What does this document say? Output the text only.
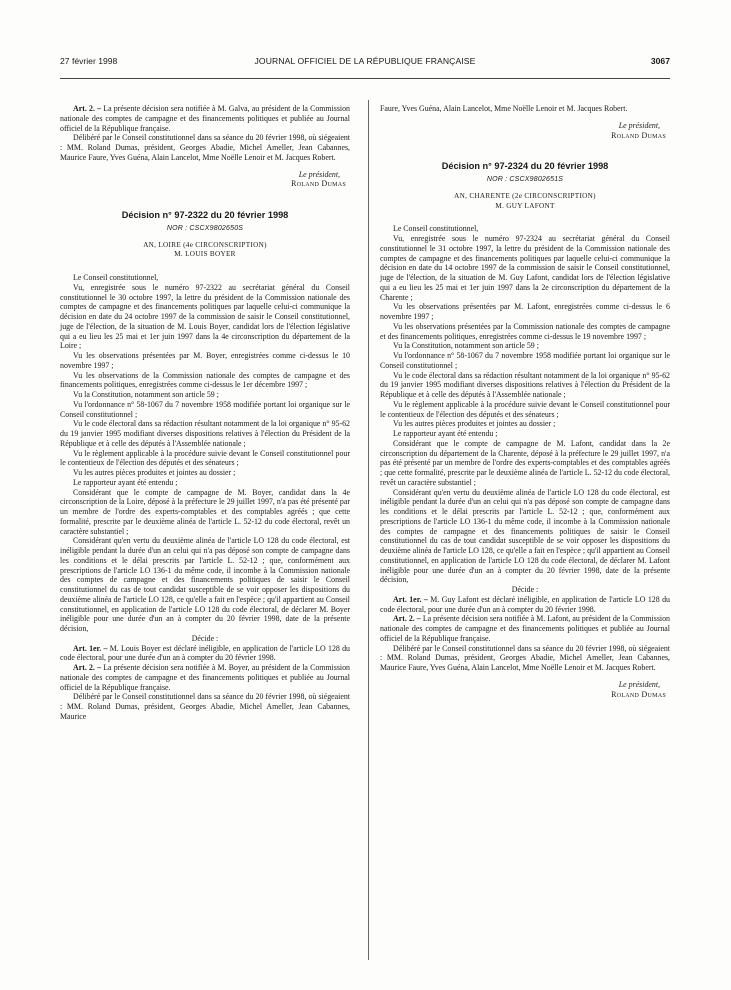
27 février 1998	JOURNAL OFFICIEL DE LA RÉPUBLIQUE FRANÇAISE	3067

Art. 2. – La présente décision sera notifiée à M. Galva, au président de la Commission nationale des comptes de campagne et des financements politiques et publiée au Journal officiel de la République française.

Délibéré par le Conseil constitutionnel dans sa séance du 20 février 1998, où siégeaient : MM. Roland Dumas, président, Georges Abadie, Michel Ameller, Jean Cabannes, Maurice Faure, Yves Guéna, Alain Lancelot, Mme Noëlle Lenoir et M. Jacques Robert.

Le président,
Roland Dumas
Décision n° 97-2322 du 20 février 1998
NOR : CSCX9802650S
AN, LOIRE (4e CIRCONSCRIPTION)
M. LOUIS BOYER

Le Conseil constitutionnel,

Vu, enregistrée sous le numéro 97-2322 au secrétariat général du Conseil constitutionnel le 30 octobre 1997, la lettre du président de la Commission nationale des comptes de campagne et des financements politiques par laquelle celui-ci communique la décision en date du 24 octobre 1997 de la commission de saisir le Conseil constitutionnel, juge de l'élection, de la situation de M. Louis Boyer, candidat lors de l'élection législative qui a eu lieu les 25 mai et 1er juin 1997 dans la 4e circonscription du département de la Loire ;

Vu les observations présentées par M. Boyer, enregistrées comme ci-dessus le 10 novembre 1997 ;

Vu les observations de la Commission nationale des comptes de campagne et des financements politiques, enregistrées comme ci-dessus le 1er décembre 1997 ;

Vu la Constitution, notamment son article 59 ;

Vu l'ordonnance n° 58-1067 du 7 novembre 1958 modifiée portant loi organique sur le Conseil constitutionnel ;

Vu le code électoral dans sa rédaction résultant notamment de la loi organique n° 95-62 du 19 janvier 1995 modifiant diverses dispositions relatives à l'élection du Président de la République et à celle des députés à l'Assemblée nationale ;

Vu le règlement applicable à la procédure suivie devant le Conseil constitutionnel pour le contentieux de l'élection des députés et des sénateurs ;

Vu les autres pièces produites et jointes au dossier ;

Le rapporteur ayant été entendu ;

Considérant que le compte de campagne de M. Boyer, candidat dans la 4e circonscription de la Loire, déposé à la préfecture le 29 juillet 1997, n'a pas été présenté par un membre de l'ordre des experts-comptables et des comptables agréés ; que cette formalité, prescrite par le deuxième alinéa de l'article L. 52-12 du code électoral, revêt un caractère substantiel ;

Considérant qu'en vertu du deuxième alinéa de l'article LO 128 du code électoral, est inéligible pendant la durée d'un an celui qui n'a pas déposé son compte de campagne dans les conditions et le délai prescrits par l'article L. 52-12 ; que, conformément aux prescriptions de l'article LO 136-1 du même code, il incombe à la Commission nationale des comptes de campagne et des financements politiques de saisir le Conseil constitutionnel du cas de tout candidat susceptible de se voir opposer les dispositions du deuxième alinéa de l'article LO 128, ce qu'elle a fait en l'espèce ; qu'il appartient au Conseil constitutionnel, en application de l'article LO 128 du code électoral, de déclarer M. Boyer inéligible pour une durée d'un an à compter du 20 février 1998, date de la présente décision,

Décide :

Art. 1er. – M. Louis Boyer est déclaré inéligible, en application de l'article LO 128 du code électoral, pour une durée d'un an à compter du 20 février 1998.

Art. 2. – La présente décision sera notifiée à M. Boyer, au président de la Commission nationale des comptes de campagne et des financements politiques et publiée au Journal officiel de la République française.

Délibéré par le Conseil constitutionnel dans sa séance du 20 février 1998, où siégeaient : MM. Roland Dumas, président, Georges Abadie, Michel Ameller, Jean Cabannes, Maurice

Faure, Yves Guéna, Alain Lancelot, Mme Noëlle Lenoir et M. Jacques Robert.

Le président,
Roland Dumas
Décision n° 97-2324 du 20 février 1998
NOR : CSCX9802651S
AN, CHARENTE (2e CIRCONSCRIPTION)
M. GUY LAFONT

Le Conseil constitutionnel,

Vu, enregistrée sous le numéro 97-2324 au secrétariat général du Conseil constitutionnel le 31 octobre 1997, la lettre du président de la Commission nationale des comptes de campagne et des financements politiques par laquelle celui-ci communique la décision en date du 14 octobre 1997 de la commission de saisir le Conseil constitutionnel, juge de l'élection, de la situation de M. Guy Lafont, candidat lors de l'élection législative qui a eu lieu les 25 mai et 1er juin 1997 dans la 2e circonscription du département de la Charente ;

Vu les observations présentées par M. Lafont, enregistrées comme ci-dessus le 6 novembre 1997 ;

Vu les observations présentées par la Commission nationale des comptes de campagne et des financements politiques, enregistrées comme ci-dessus le 19 novembre 1997 ;

Vu la Constitution, notamment son article 59 ;

Vu l'ordonnance n° 58-1067 du 7 novembre 1958 modifiée portant loi organique sur le Conseil constitutionnel ;

Vu le code électoral dans sa rédaction résultant notamment de la loi organique n° 95-62 du 19 janvier 1995 modifiant diverses dispositions relatives à l'élection du Président de la République et à celle des députés à l'Assemblée nationale ;

Vu le règlement applicable à la procédure suivie devant le Conseil constitutionnel pour le contentieux de l'élection des députés et des sénateurs ;

Vu les autres pièces produites et jointes au dossier ;

Le rapporteur ayant été entendu ;

Considérant que le compte de campagne de M. Lafont, candidat dans la 2e circonscription du département de la Charente, déposé à la préfecture le 29 juillet 1997, n'a pas été présenté par un membre de l'ordre des experts-comptables et des comptables agréés ; que cette formalité, prescrite par le deuxième alinéa de l'article L. 52-12 du code électoral, revêt un caractère substantiel ;

Considérant qu'en vertu du deuxième alinéa de l'article LO 128 du code électoral, est inéligible pendant la durée d'un an celui qui n'a pas déposé son compte de campagne dans les conditions et le délai prescrits par l'article L. 52-12 ; que, conformément aux prescriptions de l'article LO 136-1 du même code, il incombe à la Commission nationale des comptes de campagne et des financements politiques de saisir le Conseil constitutionnel du cas de tout candidat susceptible de se voir opposer les dispositions du deuxième alinéa de l'article LO 128, ce qu'elle a fait en l'espèce ; qu'il appartient au Conseil constitutionnel, en application de l'article LO 128 du code électoral, de déclarer M. Lafont inéligible pour une durée d'un an à compter du 20 février 1998, date de la présente décision,

Décide :

Art. 1er. – M. Guy Lafont est déclaré inéligible, en application de l'article LO 128 du code électoral, pour une durée d'un an à compter du 20 février 1998.

Art. 2. – La présente décision sera notifiée à M. Lafont, au président de la Commission nationale des comptes de campagne et des financements politiques et publiée au Journal officiel de la République française.

Délibéré par le Conseil constitutionnel dans sa séance du 20 février 1998, où siégeaient : MM. Roland Dumas, président, Georges Abadie, Michel Ameller, Jean Cabannes, Maurice Faure, Yves Guéna, Alain Lancelot, Mme Noëlle Lenoir et M. Jacques Robert.

Le président,
Roland Dumas
